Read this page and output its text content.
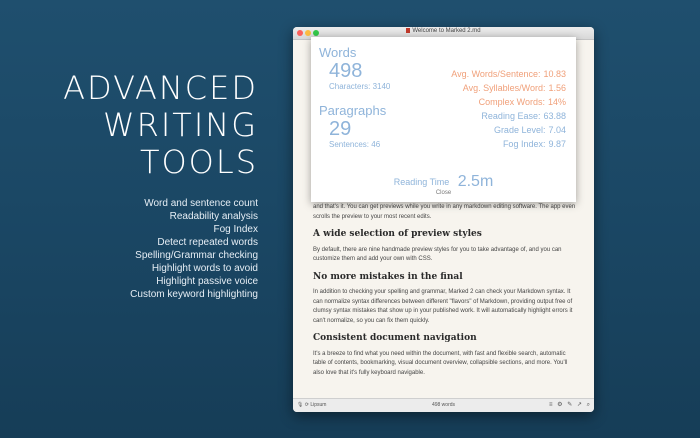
ADVANCED
WRITING
TOOLS
Word and sentence count
Readability analysis
Fog Index
Detect repeated words
Spelling/Grammar checking
Highlight words to avoid
Highlight passive voice
Custom keyword highlighting
Welcome to Marked 2.md

and that's it. You can get previews while you write in any markdown editing software. The app even scrolls the preview to your most recent edits.

A wide selection of preview styles

By default, there are nine handmade preview styles for you to take advantage of, and you can customize them and add your own with CSS.

No more mistakes in the final

In addition to checking your spelling and grammar, Marked 2 can check your Markdown syntax. It can normalize syntax differences between different "flavors" of Markdown, providing output free of clumsy syntax mistakes that show up in your published work. It will automatically highlight errors it can't normalize, so you can fix them quickly.

Consistent document navigation

It's a breeze to find what you need within the document, with fast and flexible search, automatic table of contents, bookmarking, visual document overview, collapsible sections, and more. You'll also love that it's fully keyboard navigable.

Words
498
Characters: 3140
Paragraphs
29
Sentences: 46
Avg. Words/Sentence: 10.83
Avg. Syllables/Word: 1.56
Complex Words: 14%
Reading Ease: 63.88
Grade Level: 7.04
Fog Index: 9.87
Reading Time 2.5m
Close
🎙 ⟳ Lipsum	498 words	≡ ⚙ ✎ ↗ ⌕
